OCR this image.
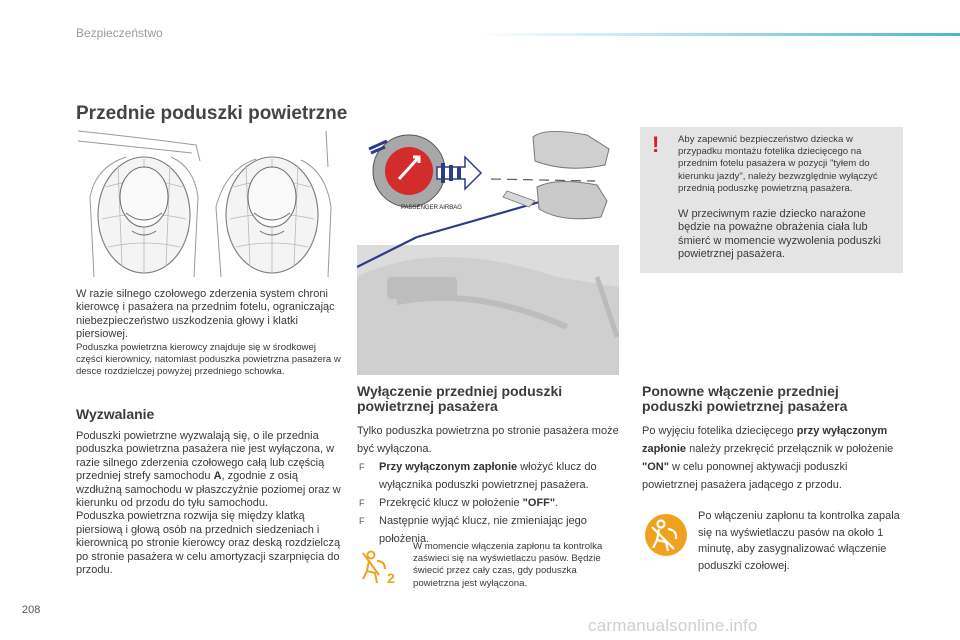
Bezpieczeństwo
Przednie poduszki powietrzne
PASSENGER AIRBAG
W razie silnego czołowego zderzenia system chroni kierowcę i pasażera na przednim fotelu, ograniczając niebezpieczeństwo uszkodzenia głowy i klatki piersiowej.
Poduszka powietrzna kierowcy znajduje się w środkowej części kierownicy, natomiast poduszka powietrzna pasażera w desce rozdzielczej powyżej przedniego schowka.
Wyzwalanie
Poduszki powietrzne wyzwalają się, o ile przednia poduszka powietrzna pasażera nie jest wyłączona, w razie silnego zderzenia czołowego całą lub częścią przedniej strefy samochodu A, zgodnie z osią wzdłużną samochodu w płaszczyźnie poziomej oraz w kierunku od przodu do tyłu samochodu.
Poduszka powietrzna rozwija się między klatką piersiową i głową osób na przednich siedzeniach i kierownicą po stronie kierowcy oraz deską rozdzielczą po stronie pasażera w celu amortyzacji szarpnięcia do przodu.
Wyłączenie przedniej poduszki powietrznej pasażera
Tylko poduszka powietrzna po stronie pasażera może być wyłączona.
F Przy wyłączonym zapłonie włożyć klucz do wyłącznika poduszki powietrznej pasażera.
F Przekręcić klucz w położenie "OFF".
F Następnie wyjąć klucz, nie zmieniając jego położenia.
2
W momencie włączenia zapłonu ta kontrolka zaświeci się na wyświetlaczu pasów. Będzie świecić przez cały czas, gdy poduszka powietrzna jest wyłączona.
!	Aby zapewnić bezpieczeństwo dziecka w przypadku montażu fotelika dziecięcego na przednim fotelu pasażera w pozycji "tyłem do kierunku jazdy", należy bezwzględnie wyłączyć przednią poduszkę powietrzną pasażera.
W przeciwnym razie dziecko narażone będzie na poważne obrażenia ciała lub śmierć w momencie wyzwolenia poduszki powietrznej pasażera.
Ponowne włączenie przedniej poduszki powietrznej pasażera
Po wyjęciu fotelika dziecięcego przy wyłączonym zapłonie należy przekręcić przełącznik w położenie "ON" w celu ponownej aktywacji poduszki powietrznej pasażera jadącego z przodu.
Po włączeniu zapłonu ta kontrolka zapala się na wyświetlaczu pasów na około 1 minutę, aby zasygnalizować włączenie poduszki czołowej.
208
carmanualsonline.info
